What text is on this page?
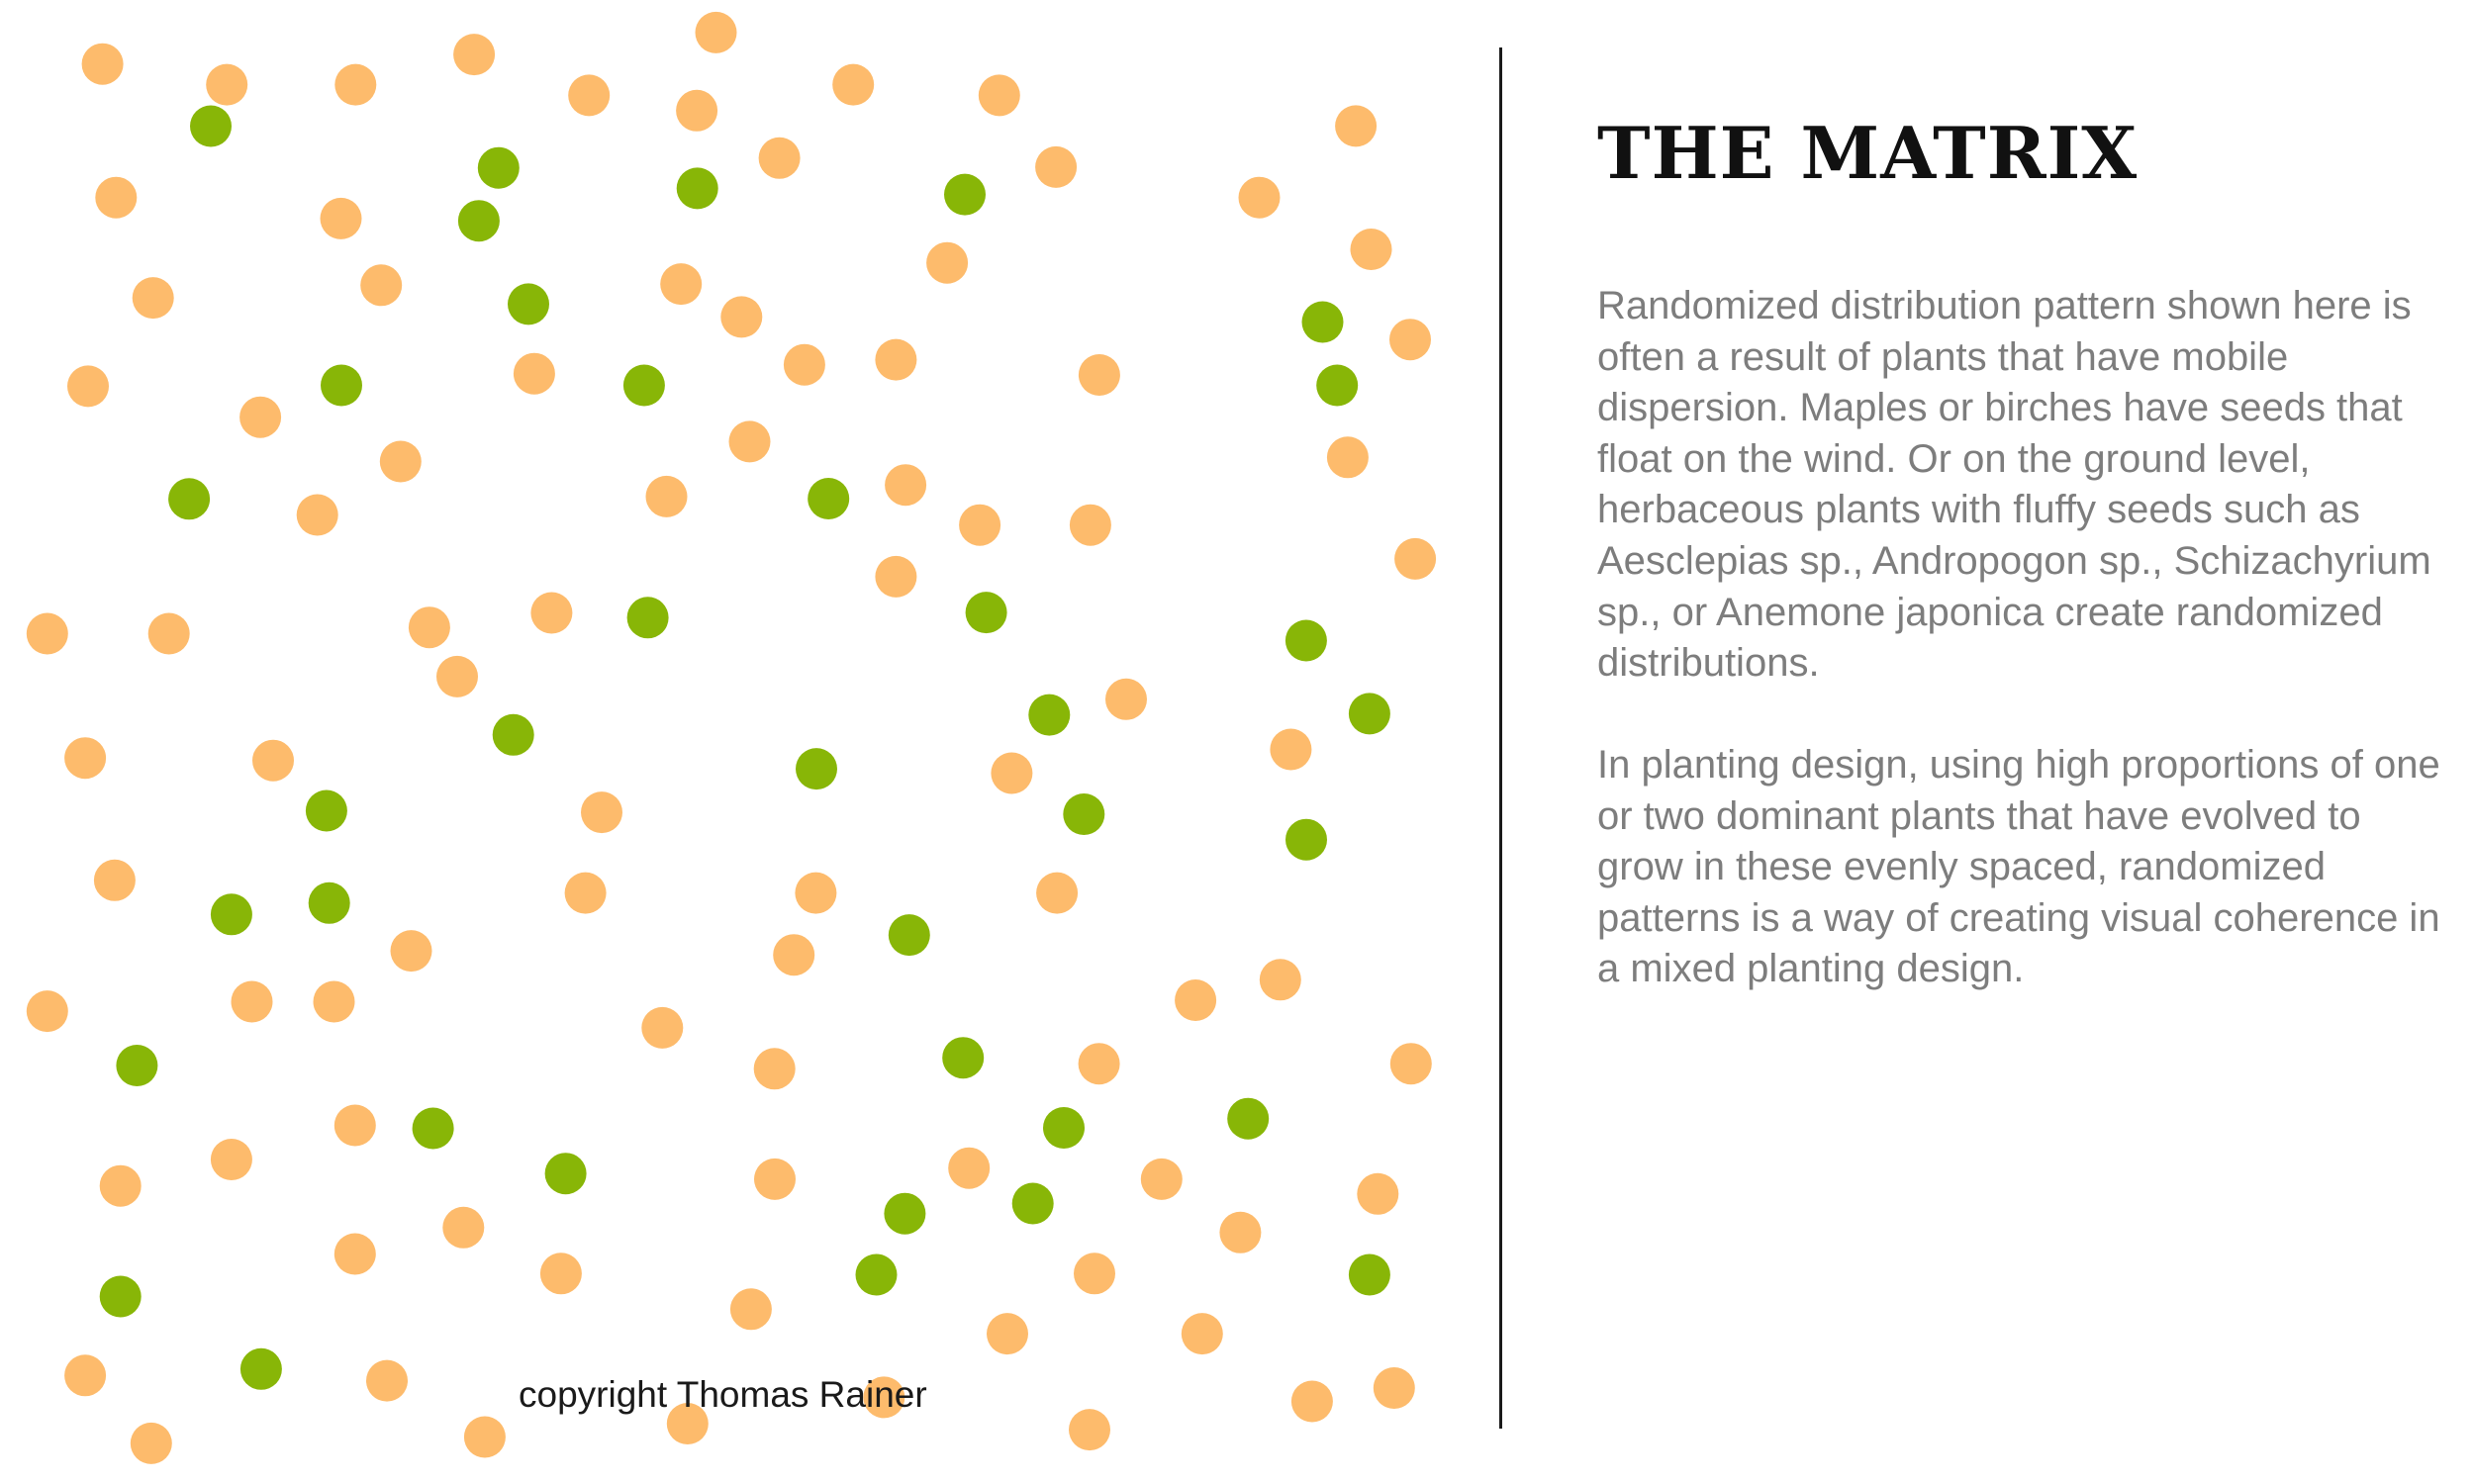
copyright Thomas Rainer
THE MATRIX

Randomized distribution pattern shown here is often a result of plants that have mobile dispersion. Maples or birches have seeds that float on the wind. Or on the ground level, herbaceous plants with fluffy seeds such as Aesclepias sp., Andropogon sp., Schizachyrium sp., or Anemone japonica create randomized distributions.

In planting design, using high proportions of one or two dominant plants that have evolved to grow in these evenly spaced, randomized patterns is a way of creating visual coherence in a mixed planting design.
